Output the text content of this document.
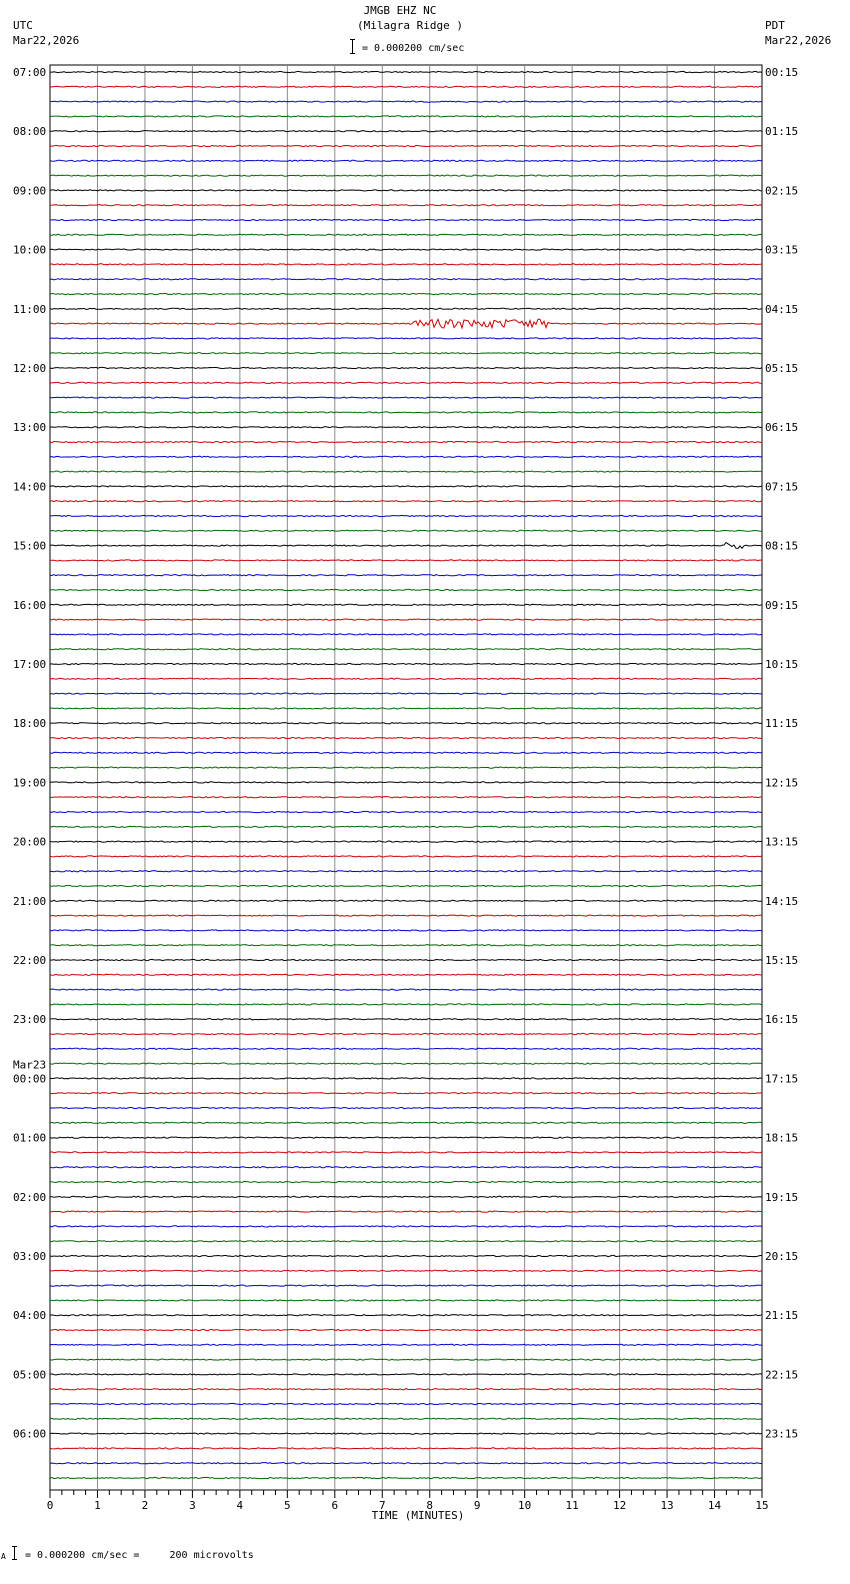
JMGB EHZ NC
(Milagra Ridge )
= 0.000200 cm/sec
UTC
Mar22,2026
PDT
Mar22,2026
07:00
08:00
09:00
10:00
11:00
12:00
13:00
14:00
15:00
16:00
17:00
18:00
19:00
20:00
21:00
22:00
23:00
00:00
Mar23
01:00
02:00
03:00
04:00
05:00
06:00
00:15
01:15
02:15
03:15
04:15
05:15
06:15
07:15
08:15
09:15
10:15
11:15
12:15
13:15
14:15
15:15
16:15
17:15
18:15
19:15
20:15
21:15
22:15
23:15
0	1	2	3	4	5	6	7	8	9	10	11	12	13	14	15
TIME (MINUTES)
A = 0.000200 cm/sec =     200 microvolts
